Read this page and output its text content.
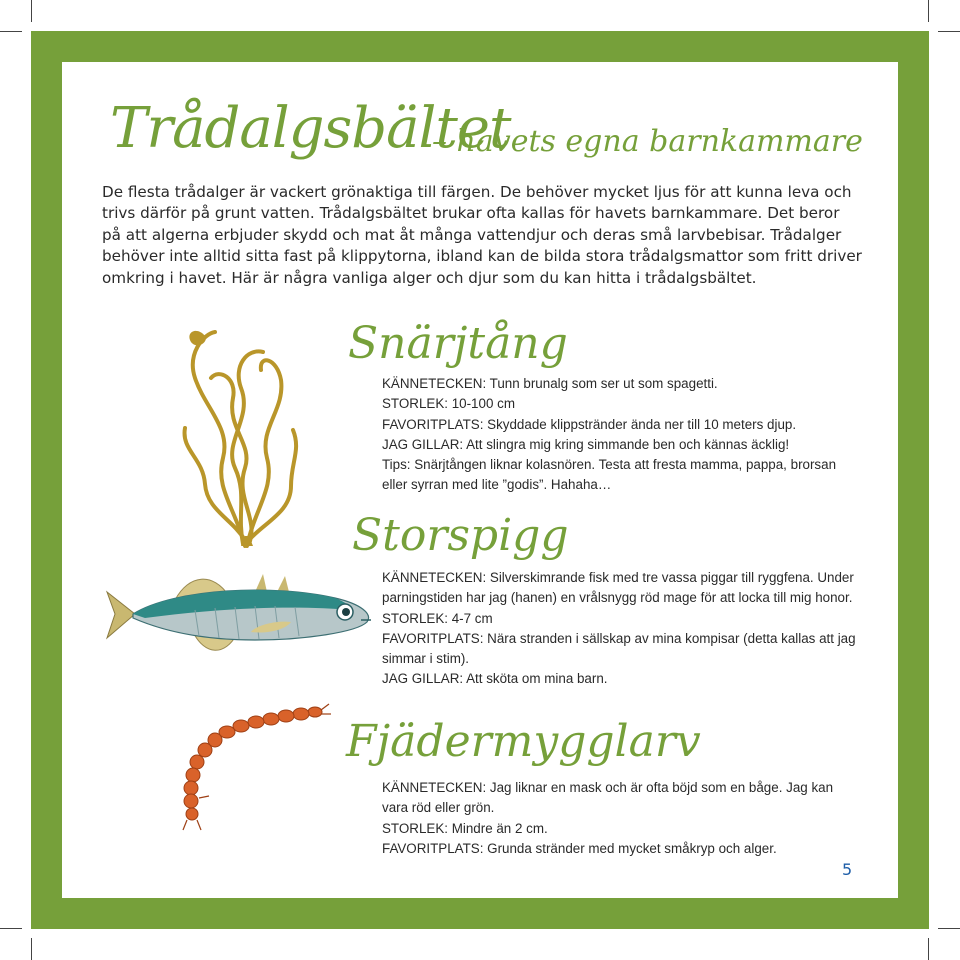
Trådalgsbältet
– havets egna barnkammare
De flesta trådalger är vackert grönaktiga till färgen. De behöver mycket ljus för att kunna leva och trivs därför på grunt vatten. Trådalgsbältet brukar ofta kallas för havets barnkammare. Det beror på att algerna erbjuder skydd och mat åt många vattendjur och deras små larvbebisar. Trådalger behöver inte alltid sitta fast på klippytorna, ibland kan de bilda stora trådalgsmattor som fritt driver omkring i havet. Här är några vanliga alger och djur som du kan hitta i trådalgsbältet.
Snärjtång

KÄNNETECKEN: Tunn brunalg som ser ut som spagetti.

STORLEK: 10-100 cm

FAVORITPLATS: Skyddade klippstränder ända ner till 10 meters djup.

JAG GILLAR: Att slingra mig kring simmande ben och kännas äcklig!

Tips: Snärjtången liknar kolasnören. Testa att fresta mamma, pappa, brorsan eller syrran med lite ”godis”. Hahaha…

Storspigg

KÄNNETECKEN: Silverskimrande fisk med tre vassa piggar till ryggfena. Under parningstiden har jag (hanen) en vrålsnygg röd mage för att locka till mig honor.

STORLEK: 4-7 cm

FAVORITPLATS: Nära stranden i sällskap av mina kompisar (detta kallas att jag simmar i stim).

JAG GILLAR: Att sköta om mina barn.

Fjädermygglarv

KÄNNETECKEN: Jag liknar en mask och är ofta böjd som en båge. Jag kan vara röd eller grön.

STORLEK: Mindre än 2 cm.

FAVORITPLATS: Grunda stränder med mycket småkryp och alger.

5
